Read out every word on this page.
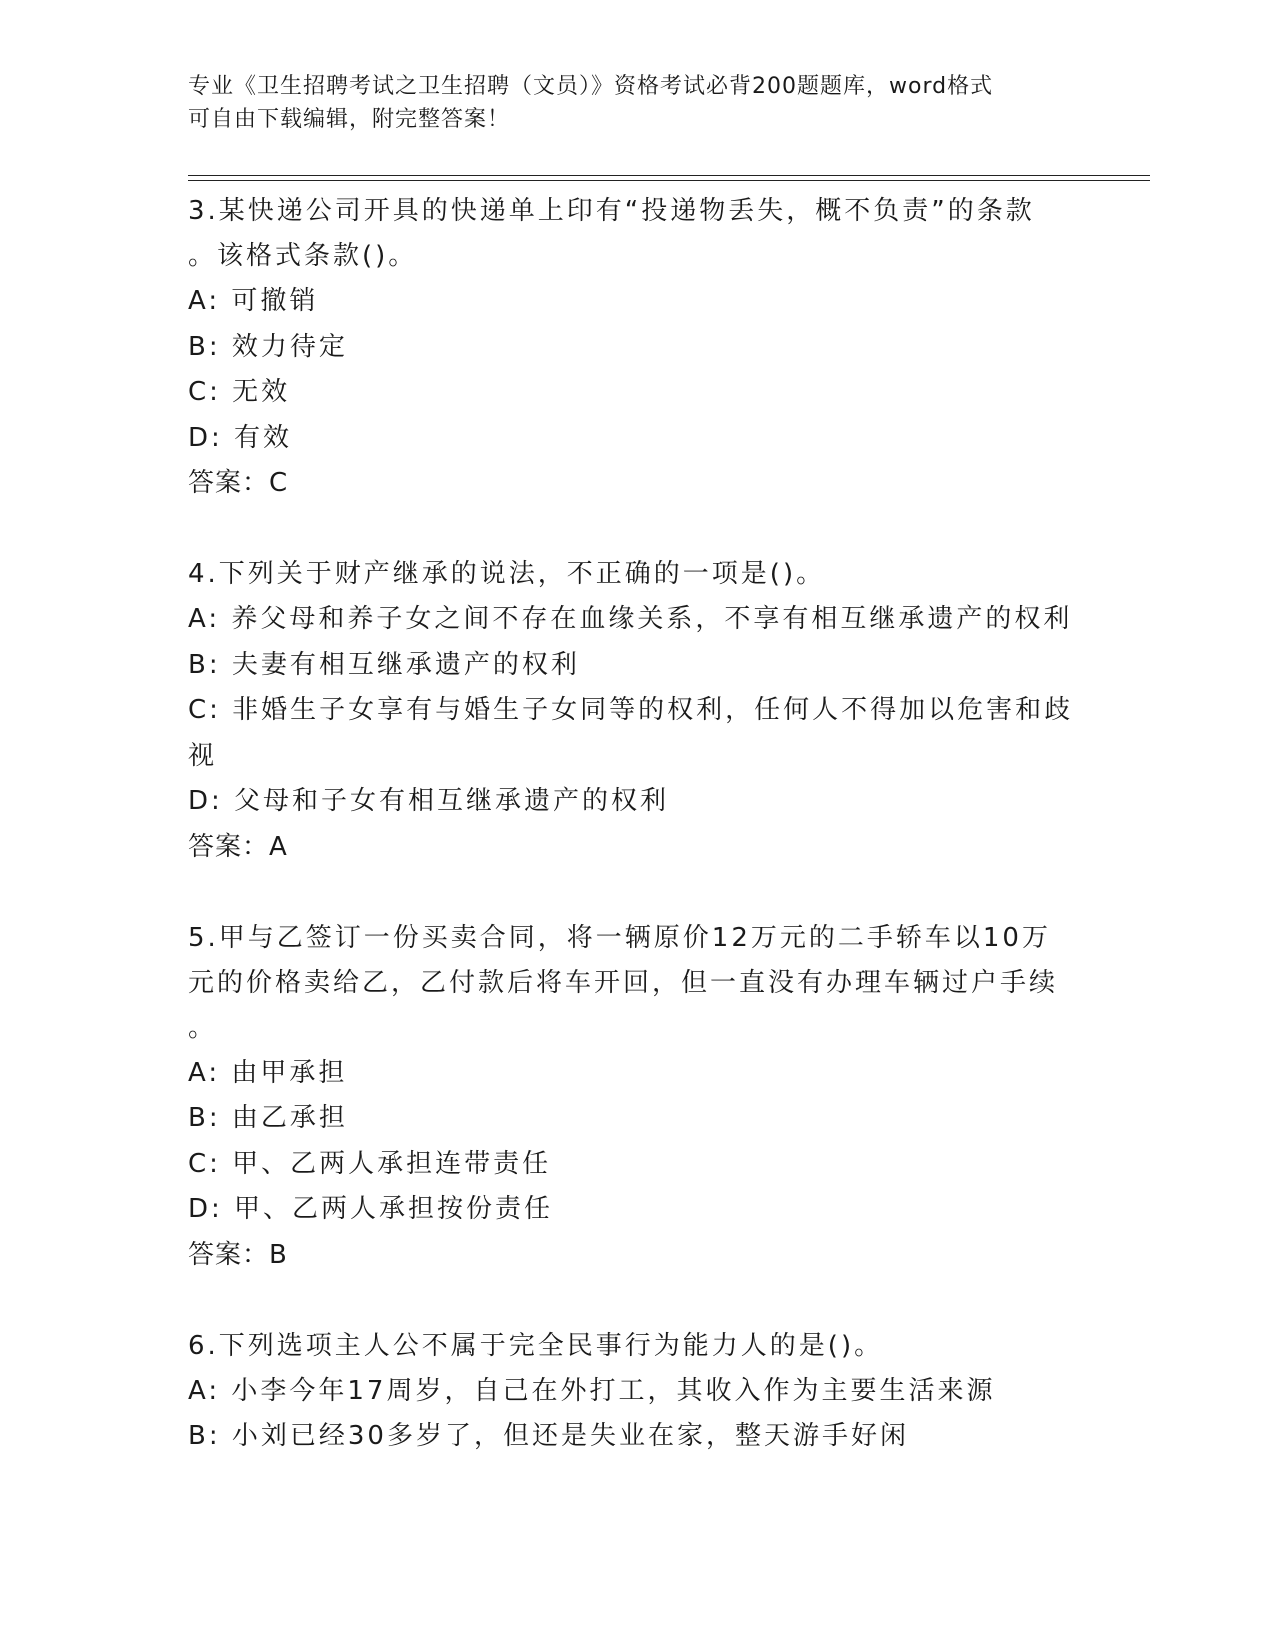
专业《卫生招聘考试之卫生招聘（文员）》资格考试必背200题题库，word格式
可自由下载编辑，附完整答案！

3.某快递公司开具的快递单上印有“投递物丢失，概不负责”的条款

。该格式条款()。

A: 可撤销

B: 效力待定

C: 无效

D: 有效

答案：C

4.下列关于财产继承的说法，不正确的一项是()。

A: 养父母和养子女之间不存在血缘关系，不享有相互继承遗产的权利

B: 夫妻有相互继承遗产的权利

C: 非婚生子女享有与婚生子女同等的权利，任何人不得加以危害和歧

视

D: 父母和子女有相互继承遗产的权利

答案：A

5.甲与乙签订一份买卖合同，将一辆原价12万元的二手轿车以10万

元的价格卖给乙，乙付款后将车开回，但一直没有办理车辆过户手续

。

A: 由甲承担

B: 由乙承担

C: 甲、乙两人承担连带责任

D: 甲、乙两人承担按份责任

答案：B

6.下列选项主人公不属于完全民事行为能力人的是()。

A: 小李今年17周岁，自己在外打工，其收入作为主要生活来源

B: 小刘已经30多岁了，但还是失业在家，整天游手好闲
